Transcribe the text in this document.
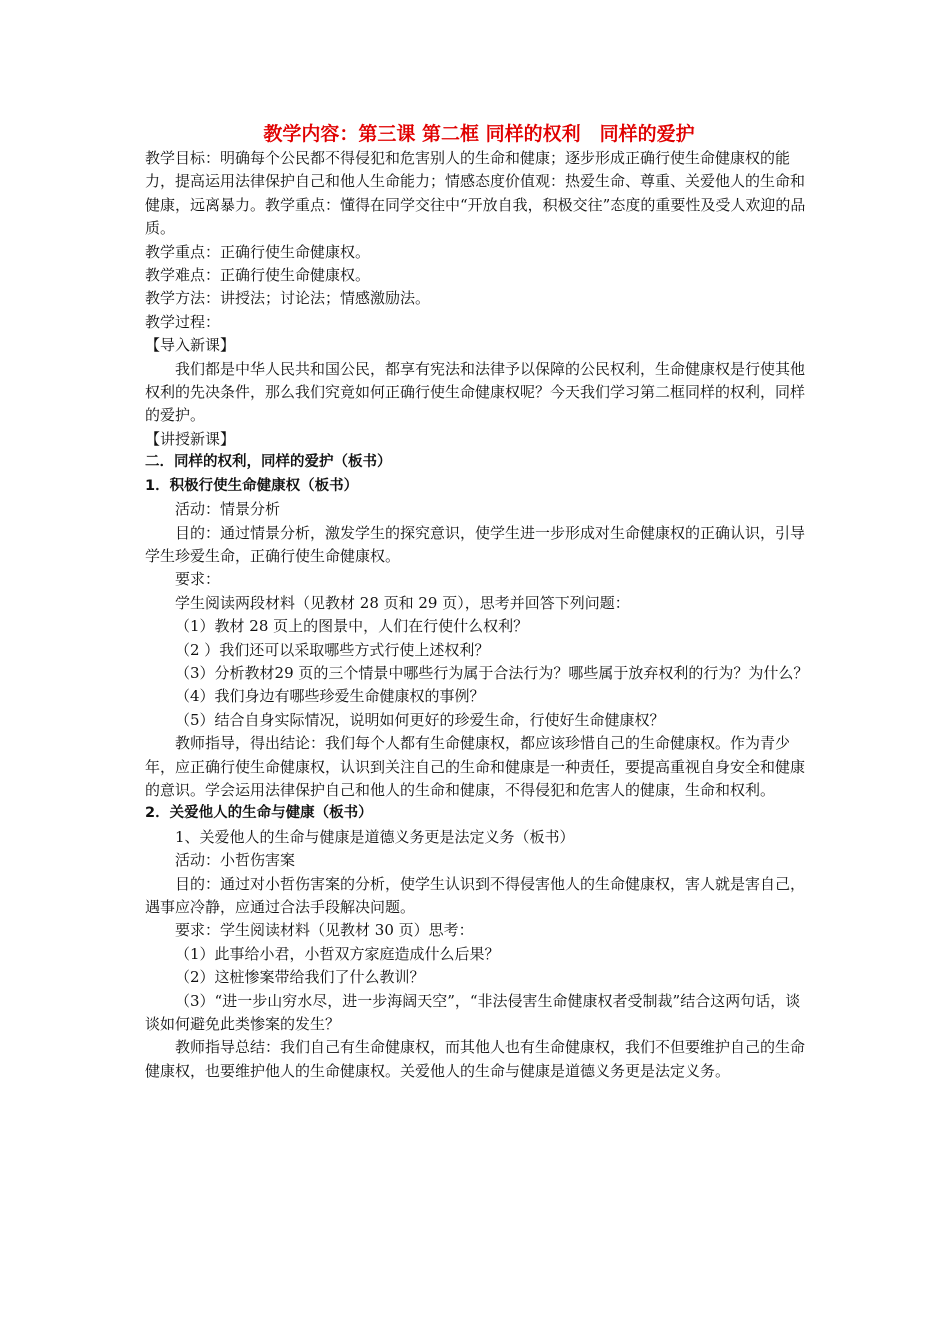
教学内容：第三课 第二框 同样的权利　同样的爱护

教学目标：明确每个公民都不得侵犯和危害别人的生命和健康；逐步形成正确行使生命健康权的能力，提高运用法律保护自己和他人生命能力；情感态度价值观：热爱生命、尊重、关爱他人的生命和健康，远离暴力。教学重点：懂得在同学交往中“开放自我，积极交往”态度的重要性及受人欢迎的品质。

教学重点：正确行使生命健康权。

教学难点：正确行使生命健康权。

教学方法：讲授法；讨论法；情感激励法。

教学过程：

【导入新课】

我们都是中华人民共和国公民，都享有宪法和法律予以保障的公民权利，生命健康权是行使其他权利的先决条件，那么我们究竟如何正确行使生命健康权呢？今天我们学习第二框同样的权利，同样的爱护。

【讲授新课】

二．同样的权利，同样的爱护（板书）

1．积极行使生命健康权（板书）

活动：情景分析

目的：通过情景分析，激发学生的探究意识，使学生进一步形成对生命健康权的正确认识，引导学生珍爱生命，正确行使生命健康权。

要求：

学生阅读两段材料（见教材 28 页和 29 页），思考并回答下列问题：

（1）教材 28 页上的图景中，人们在行使什么权利？

（2 ）我们还可以采取哪些方式行使上述权利？

（3）分析教材29 页的三个情景中哪些行为属于合法行为？哪些属于放弃权利的行为？为什么？

（4）我们身边有哪些珍爱生命健康权的事例？

（5）结合自身实际情况，说明如何更好的珍爱生命，行使好生命健康权？

教师指导，得出结论：我们每个人都有生命健康权，都应该珍惜自己的生命健康权。作为青少年，应正确行使生命健康权，认识到关注自己的生命和健康是一种责任，要提高重视自身安全和健康的意识。学会运用法律保护自己和他人的生命和健康，不得侵犯和危害人的健康，生命和权利。

2．关爱他人的生命与健康（板书）

1、关爱他人的生命与健康是道德义务更是法定义务（板书）

活动：小哲伤害案

目的：通过对小哲伤害案的分析，使学生认识到不得侵害他人的生命健康权，害人就是害自己，遇事应冷静，应通过合法手段解决问题。

要求：学生阅读材料（见教材 30 页）思考：

（1）此事给小君，小哲双方家庭造成什么后果？

（2）这桩惨案带给我们了什么教训？

（3）“进一步山穷水尽，进一步海阔天空”，“非法侵害生命健康权者受制裁”结合这两句话，谈谈如何避免此类惨案的发生？

教师指导总结：我们自己有生命健康权，而其他人也有生命健康权，我们不但要维护自己的生命健康权，也要维护他人的生命健康权。关爱他人的生命与健康是道德义务更是法定义务。
